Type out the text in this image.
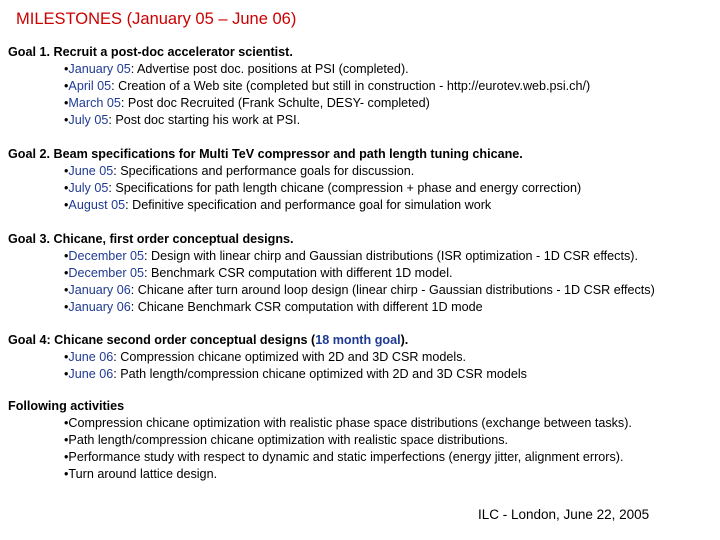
MILESTONES (January 05 – June 06)
Goal 1. Recruit a post-doc accelerator scientist.
•January 05: Advertise post doc. positions at PSI (completed).
•April 05: Creation of a Web site (completed but still in construction - http://eurotev.web.psi.ch/)
•March 05: Post doc Recruited (Frank Schulte, DESY- completed)
•July 05: Post doc starting his work at PSI.
Goal 2. Beam specifications for Multi TeV compressor and path length tuning chicane.
•June 05: Specifications and performance goals for discussion.
•July 05: Specifications for path length chicane (compression + phase and energy correction)
•August 05: Definitive specification and performance goal for simulation work
Goal 3. Chicane, first order conceptual designs.
•December 05: Design with linear chirp and Gaussian distributions (ISR optimization - 1D CSR effects).
•December 05: Benchmark CSR computation with different 1D model.
•January 06: Chicane after turn around loop design (linear chirp - Gaussian distributions - 1D CSR effects)
•January 06: Chicane Benchmark CSR computation with different 1D mode
Goal 4: Chicane second order conceptual designs (18 month goal).
•June 06: Compression chicane optimized with 2D and 3D CSR models.
•June 06: Path length/compression chicane optimized with 2D and 3D CSR models
Following activities
•Compression chicane optimization with realistic phase space distributions (exchange between tasks).
•Path length/compression chicane optimization with realistic space distributions.
•Performance study with respect to dynamic and static imperfections (energy jitter, alignment errors).
•Turn around lattice design.
ILC - London, June 22, 2005
